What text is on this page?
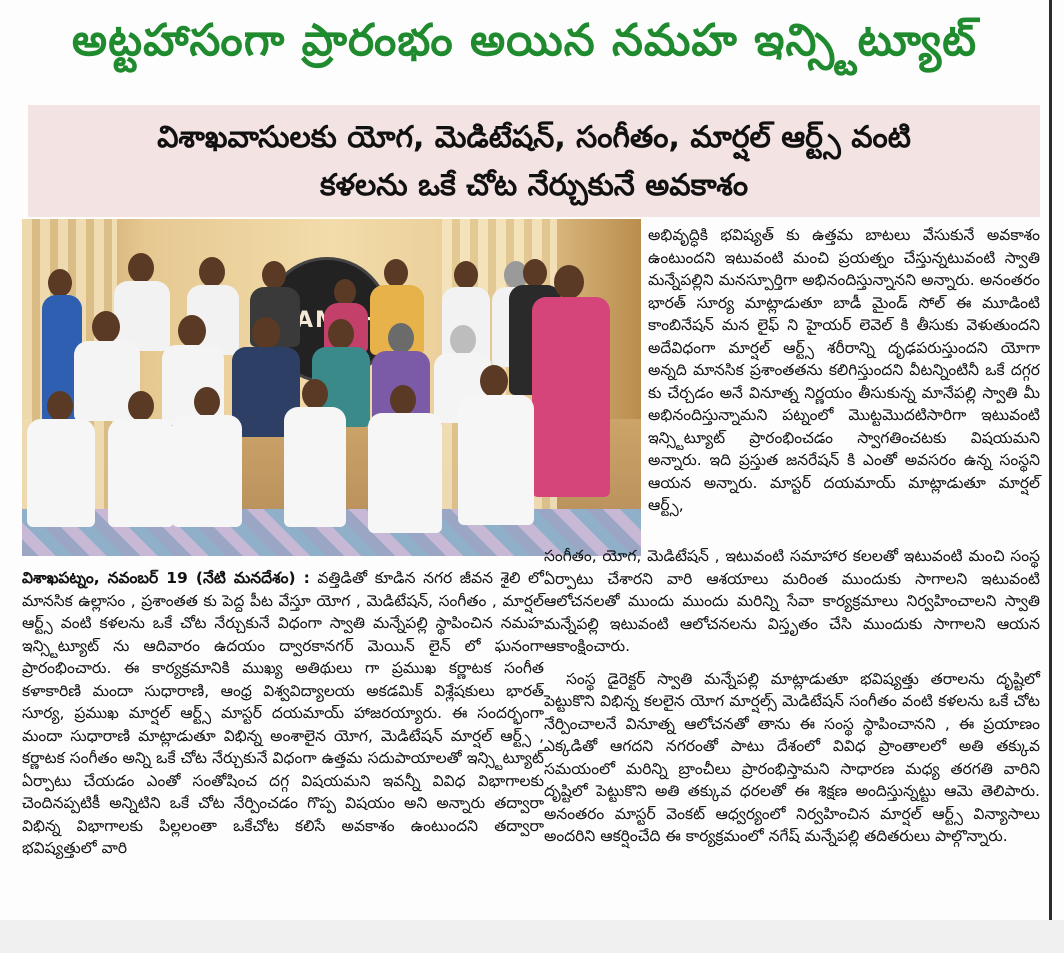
అట్టహాసంగా ప్రారంభం అయిన నమహ ఇన్స్టిట్యూట్
విశాఖవాసులకు యోగ, మెడిటేషన్, సంగీతం, మార్షల్ ఆర్ట్స్ వంటి
కళలను ఒకే చోట నేర్చుకునే అవకాశం

అభివృద్ధికి భవిష్యత్ కు ఉత్తమ బాటలు వేసుకునే అవకాశం ఉంటుందని ఇటువంటి మంచి ప్రయత్నం చేస్తున్నటువంటి స్వాతి మన్నేపల్లిని మనస్పూర్తిగా అభినందిస్తున్నానని అన్నారు. అనంతరం భారత్ సూర్య మాట్లాడుతూ బాడీ మైండ్ సోల్ ఈ మూడింటి కాంబినేషన్ మన లైఫ్ ని హైయర్ లెవెల్ కి తీసుకు వెళుతుందని అదేవిధంగా మార్షల్ ఆర్ట్స్ శరీరాన్ని దృఢపరుస్తుందని యోగా అన్నది మానసిక ప్రశాంతతను కలిగిస్తుందని వీటన్నింటినీ ఒకే దగ్గర కు చేర్చడం అనే వినూత్న నిర్ణయం తీసుకున్న మానేపల్లి స్వాతి మీ అభినందిస్తున్నామని పట్నంలో మొట్టమొదటిసారిగా ఇటువంటి ఇన్స్టిట్యూట్ ప్రారంభించడం స్వాగతించటకు విషయమని అన్నారు. ఇది ప్రస్తుత జనరేషన్ కి ఎంతో అవసరం ఉన్న సంస్థని ఆయన అన్నారు. మాస్టర్ దయమాయ్ మాట్లాడుతూ మార్షల్ ఆర్ట్స్,

విశాఖపట్నం, నవంబర్ 19 (నేటి మనదేశం) : వత్తిడితో కూడిన నగర జీవన శైలి లో మానసిక ఉల్లాసం , ప్రశాంతత కు పెద్ద పీట వేస్తూ యోగ , మెడిటేషన్, సంగీతం , మార్షల్ ఆర్ట్స్ వంటి కళలను ఒకే చోట నేర్చుకునే విధంగా స్వాతి మన్నేపల్లి స్థాపించిన నమహ ఇన్స్టిట్యూట్ ను ఆదివారం ఉదయం ద్వారకానగర్ మెయిన్ లైన్ లో ఘనంగా ప్రారంభించారు. ఈ కార్యక్రమానికి ముఖ్య అతిథులు గా ప్రముఖ కర్ణాటక సంగీత కళాకారిణి మందా సుధారాణి, ఆంధ్ర విశ్వవిద్యాలయ అకడమిక్ విశ్లేషకులు భారత్ సూర్య, ప్రముఖ మార్షల్ ఆర్ట్స్ మాస్టర్ దయమాయ్ హాజరయ్యారు. ఈ సందర్భంగా మందా సుధారాణి మాట్లాడుతూ విభిన్న అంశాలైన యోగ, మెడిటేషన్ మార్షల్ ఆర్ట్స్ , కర్ణాటక సంగీతం అన్ని ఒకే చోట నేర్చుకునే విధంగా ఉత్తమ సదుపాయాలతో ఇన్స్టిట్యూట్ ఏర్పాటు చేయడం ఎంతో సంతోషించ దగ్గ విషయమని ఇవన్నీ వివిధ విభాగాలకు చెందినప్పటికీ అన్నిటిని ఒకే చోట నేర్పించడం గొప్ప విషయం అని అన్నారు తద్వారా విభిన్న విభాగాలకు పిల్లలంతా ఒకేచోట కలిసే అవకాశం ఉంటుందని తద్వారా భవిష్యత్తులో వారి

సంగీతం, యోగ, మెడిటేషన్ , ఇటువంటి సమాహార కలలతో ఇటువంటి మంచి సంస్థ ఏర్పాటు చేశారని వారి ఆశయాలు మరింత ముందుకు సాగాలని ఇటువంటి ఆలోచనలతో ముందు ముందు మరిన్ని సేవా కార్యక్రమాలు నిర్వహించాలని స్వాతి మన్నేపల్లి ఇటువంటి ఆలోచనలను విస్తృతం చేసి ముందుకు సాగాలని ఆయన ఆకాంక్షించారు.

సంస్థ డైరెక్టర్ స్వాతి మన్నేపల్లి మాట్లాడుతూ భవిష్యత్తు తరాలను దృష్టిలో పెట్టుకొని విభిన్న కలలైన యోగ మార్షల్స్ మెడిటేషన్ సంగీతం వంటి కళలను ఒకే చోట నేర్పించాలనే వినూత్న ఆలోచనతో తాను ఈ సంస్థ స్థాపించానని , ఈ ప్రయాణం ఎక్కడితో ఆగదని నగరంతో పాటు దేశంలో వివిధ ప్రాంతాలలో అతి తక్కువ సమయంలో మరిన్ని బ్రాంచీలు ప్రారంభిస్తామని సాధారణ మధ్య తరగతి వారిని దృష్టిలో పెట్టుకొని అతి తక్కువ ధరలతో ఈ శిక్షణ అందిస్తున్నట్టు ఆమె తెలిపారు. అనంతరం మాస్టర్ వెంకట్ ఆధ్వర్యంలో నిర్వహించిన మార్షల్ ఆర్ట్స్ విన్యాసాలు అందరిని ఆకర్షించేది ఈ కార్యక్రమంలో నగేష్ మన్నేపల్లి తదితరులు పాల్గొన్నారు.
